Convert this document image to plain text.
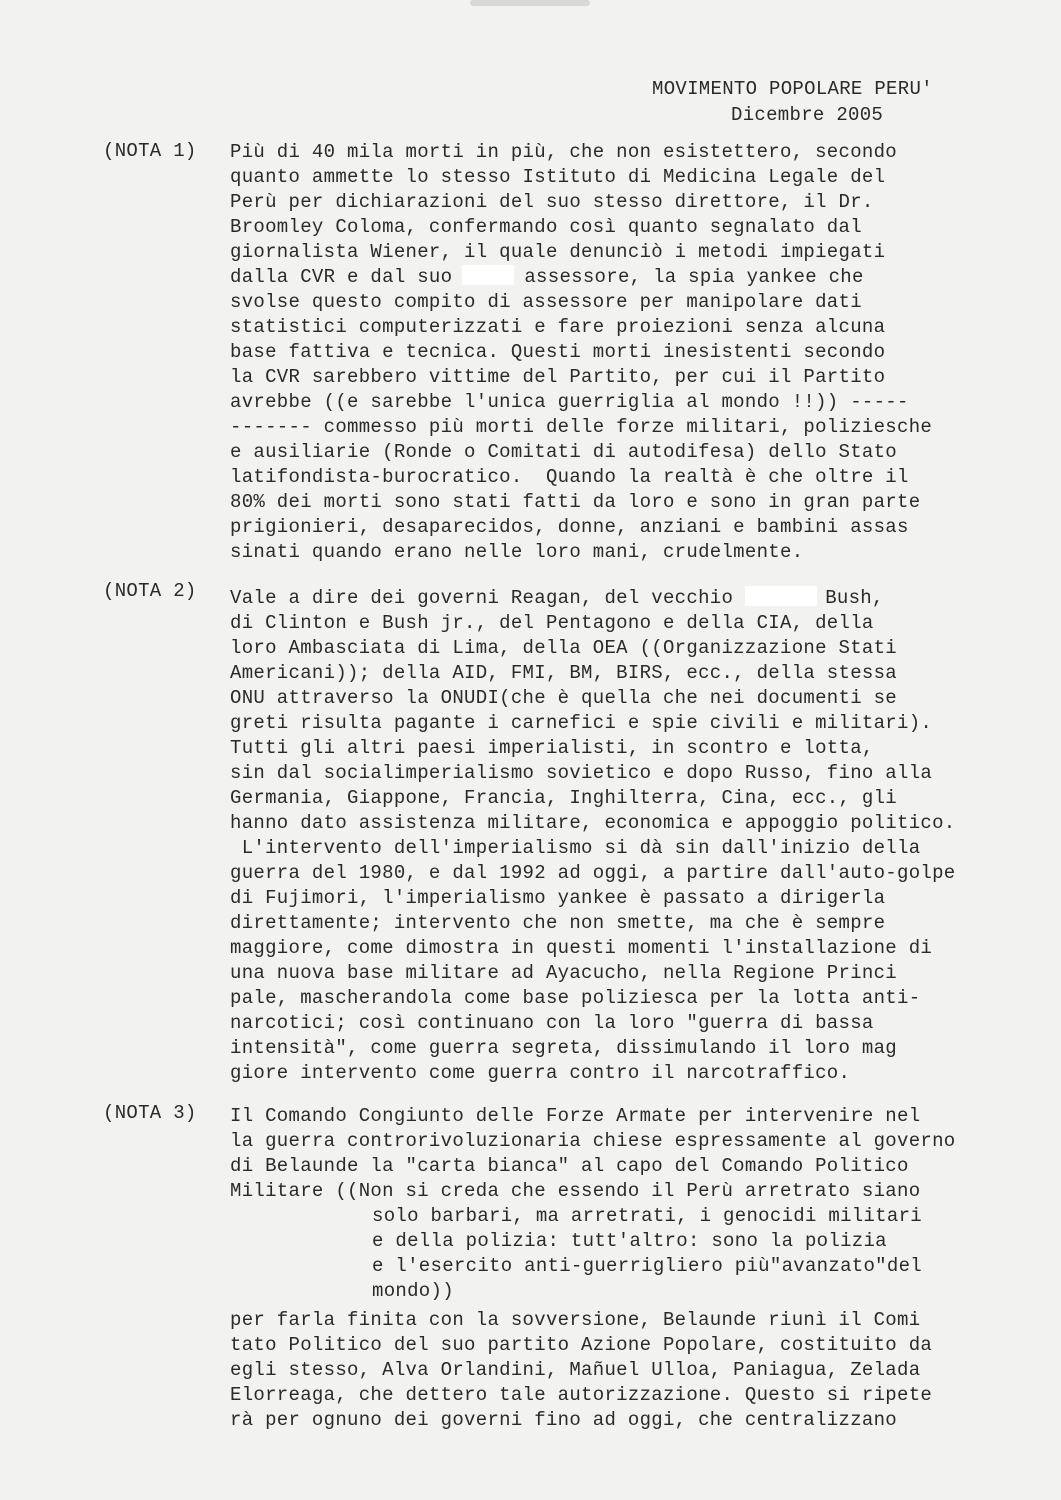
MOVIMENTO POPOLARE PERU'
Dicembre 2005
(NOTA 1) Più di 40 mila morti in più, che non esistettero, secondo
quanto ammette lo stesso Istituto di Medicina Legale del
Perù per dichiarazioni del suo stesso direttore, il Dr.
Broomley Coloma, confermando così quanto segnalato dal
giornalista Wiener, il quale denunciò i metodi impiegati
dalla CVR e dal suo	assessore, la spia yankee che
svolse questo compito di assessore per manipolare dati
statistici computerizzati e fare proiezioni senza alcuna
base fattiva e tecnica. Questi morti inesistenti secondo
la CVR sarebbero vittime del Partito, per cui il Partito
avrebbe ((e sarebbe l'unica guerriglia al mondo !!)) -----
------- commesso più morti delle forze militari, poliziesche
e ausiliarie (Ronde o Comitati di autodifesa) dello Stato
latifondista-burocratico.  Quando la realtà è che oltre il
80% dei morti sono stati fatti da loro e sono in gran parte
prigionieri, desaparecidos, donne, anziani e bambini assas
sinati quando erano nelle loro mani, crudelmente.
(NOTA 2) Vale a dire dei governi Reagan, del vecchio	Bush,
di Clinton e Bush jr., del Pentagono e della CIA, della
loro Ambasciata di Lima, della OEA ((Organizzazione Stati
Americani)); della AID, FMI, BM, BIRS, ecc., della stessa
ONU attraverso la ONUDI(che è quella che nei documenti se
greti risulta pagante i carnefici e spie civili e militari).
Tutti gli altri paesi imperialisti, in scontro e lotta,
sin dal socialimperialismo sovietico e dopo Russo, fino alla
Germania, Giappone, Francia, Inghilterra, Cina, ecc., gli
hanno dato assistenza militare, economica e appoggio politico.
L'intervento dell'imperialismo si dà sin dall'inizio della
guerra del 1980, e dal 1992 ad oggi, a partire dall'auto-golpe
di Fujimori, l'imperialismo yankee è passato a dirigerla
direttamente; intervento che non smette, ma che è sempre
maggiore, come dimostra in questi momenti l'installazione di
una nuova base militare ad Ayacucho, nella Regione Princi
pale, mascherandola come base poliziesca per la lotta anti-
narcotici; così continuano con la loro "guerra di bassa
intensità", come guerra segreta, dissimulando il loro mag
giore intervento come guerra contro il narcotraffico.
(NOTA 3) Il Comando Congiunto delle Forze Armate per intervenire nel
la guerra controrivoluzionaria chiese espressamente al governo
di Belaunde la "carta bianca" al capo del Comando Politico
Militare ((Non si creda che essendo il Perù arretrato siano
solo barbari, ma arretrati, i genocidi militari
e della polizia: tutt'altro: sono la polizia
e l'esercito anti-guerrigliero più"avanzato"del
mondo))
per farla finita con la sovversione, Belaunde riunì il Comi
tato Politico del suo partito Azione Popolare, costituito da
egli stesso, Alva Orlandini, Mañuel Ulloa, Paniagua, Zelada
Elorreaga, che dettero tale autorizzazione. Questo si ripete
rà per ognuno dei governi fino ad oggi, che centralizzano
